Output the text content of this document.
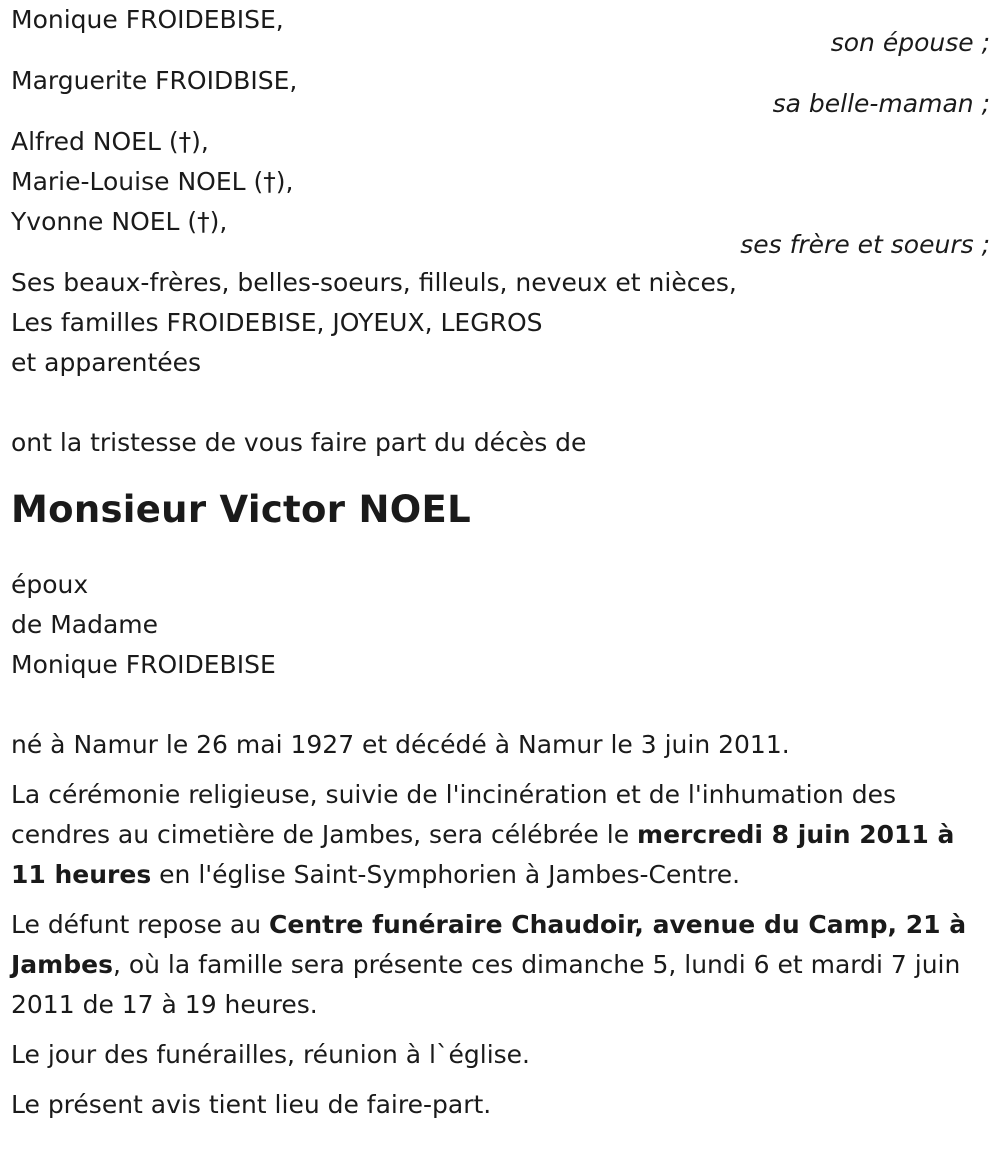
Monique FROIDEBISE,
son épouse ;
Marguerite FROIDBISE,
sa belle-maman ;
Alfred NOEL (†),
Marie-Louise NOEL (†),
Yvonne NOEL (†),
ses frère et soeurs ;
Ses beaux-frères, belles-soeurs, filleuls, neveux et nièces,
Les familles FROIDEBISE, JOYEUX, LEGROS
et apparentées
ont la tristesse de vous faire part du décès de
Monsieur Victor NOEL
époux
de Madame
Monique FROIDEBISE

né à Namur le 26 mai 1927 et décédé à Namur le 3 juin 2011.

La cérémonie religieuse, suivie de l'incinération et de l'inhumation des cendres au cimetière de Jambes, sera célébrée le mercredi 8 juin 2011 à 11 heures en l'église Saint-Symphorien à Jambes-Centre.

Le défunt repose au Centre funéraire Chaudoir, avenue du Camp, 21 à Jambes, où la famille sera présente ces dimanche 5, lundi 6 et mardi 7 juin 2011 de 17 à 19 heures.

Le jour des funérailles, réunion à l`église.

Le présent avis tient lieu de faire-part.
